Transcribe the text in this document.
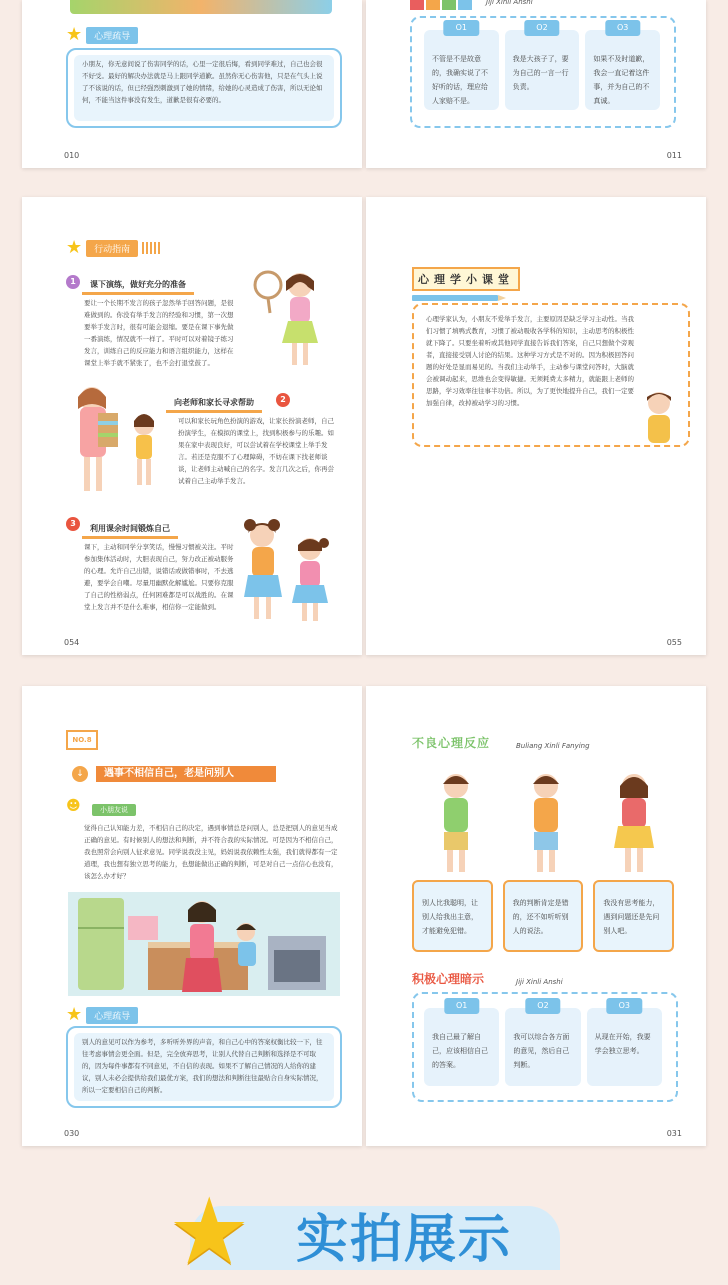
★	心理疏导
小朋友，你无意间说了伤害同学的话，心里一定很后悔，看到同学难过，自己也会很不好受。最好的解决办法就是马上跟同学道歉。虽然你无心伤害他，只是在气头上说了不该说的话，但已经强烈刺激到了她的情绪，给她的心灵造成了伤害，所以无论如何，不能当这件事没有发生，道歉是很有必要的。
010
Jiji Xinli Anshi
O1
不管是不是故意的，我确实说了不好听的话，理应给人家赔不是。
O2
我是大孩子了，要为自己的一言一行负责。
O3
如果不及时道歉，我会一直记着这件事，并为自己的不真诚。
011
★	行动指南
1	课下演练，做好充分的准备
要让一个长期不发言的孩子忽然举手回答问题，是很难做到的。你没有举手发言的经验和习惯，第一次想要举手发言时，很有可能会退缩。要是在课下事先做一番演练，情况就不一样了。平时可以对着镜子练习发言，训练自己的反应能力和语言组织能力，这样在课堂上举手就不紧张了，也不会打退堂鼓了。
向老师和家长寻求帮助	2
可以和家长玩角色扮演的游戏，让家长扮演老师，自己扮演学生，在模拟的课堂上，找到积极参与的乐趣。如果在家中表现良好，可以尝试着在学校课堂上举手发言。若还是克服不了心理障碍，不妨在课下找老师谈谈，让老师主动喊自己的名字。发言几次之后，你再尝试着自己主动举手发言。
3
利用课余时间锻炼自己
课下，主动和同学分享笑话，慢慢习惯被关注。平时参加集体活动时，大胆表现自己，努力改正被动服务的心理。允许自己出错，说错话或做错事时，不去逃避，要学会自嘲。尽量用幽默化解尴尬。只要你克服了自己的性格弱点，任何困难都是可以战胜的。在课堂上发言并不是什么难事，相信你一定能做到。
054
心理学小课堂
心理学家认为，小朋友不爱举手发言，主要原因是缺乏学习主动性。当我们习惯了填鸭式教育，习惯了被动吸收各学科的知识，主动思考的积极性就下降了。只要坐着听或其他同学直接告诉我们答案，自己只想做个旁观者，直接接受别人讨论的结果。这种学习方式是不对的。因为积极回答问题的好处是显而易见的。当我们主动举手，主动参与课堂问答时，大脑就会被调动起来，思维也会变得敏捷。无须耗费太多精力，就能跟上老师的思路，学习效率往往事半功倍。所以，为了更快地提升自己，我们一定要加强自律，改掉被动学习的习惯。
055
NO.8
↓	遇事不相信自己，老是问别人
☻	小朋友说
觉得自己认知能力差，不相信自己的决定，遇到事情总是问别人，总是把别人的意见当成正确的意见。有时候别人的想法和判断，并不符合我的实际情况。可是因为不相信自己，我也照常会向别人征求意见。同学说我没主见，妈妈说我依赖性太强，我们就得都有一定道理，我也想有独立思考的能力，也想能做出正确的判断，可是对自己一点信心也没有，该怎么办才好？
★	心理疏导
别人的意见可以作为参考，多听听外界的声音，和自己心中的答案权衡比较一下，往往考虑事情会更全面。但是，完全放弃思考，让别人代替自己判断和选择是不可取的，因为每件事都有不同意见，不自信的表现。如果不了解自己情况的人给你的建议，别人未必会提供给我们最优方案，我们的想法和判断往往最贴合自身实际情况，所以一定要相信自己的判断。
030
不良心理反应	Buliang Xinli Fanying
别人比我聪明，让别人给我出主意，才能避免犯错。
我的判断肯定是错的，还不如听听别人的说法。
我没有思考能力，遇到问题还是先问别人吧。
积极心理暗示	Jiji Xinli Anshi
O1
我自己最了解自己，应该相信自己的答案。
O2
我可以综合各方面的意见，然后自己判断。
O3
从现在开始，我要学会独立思考。
031
★ 实拍展示
